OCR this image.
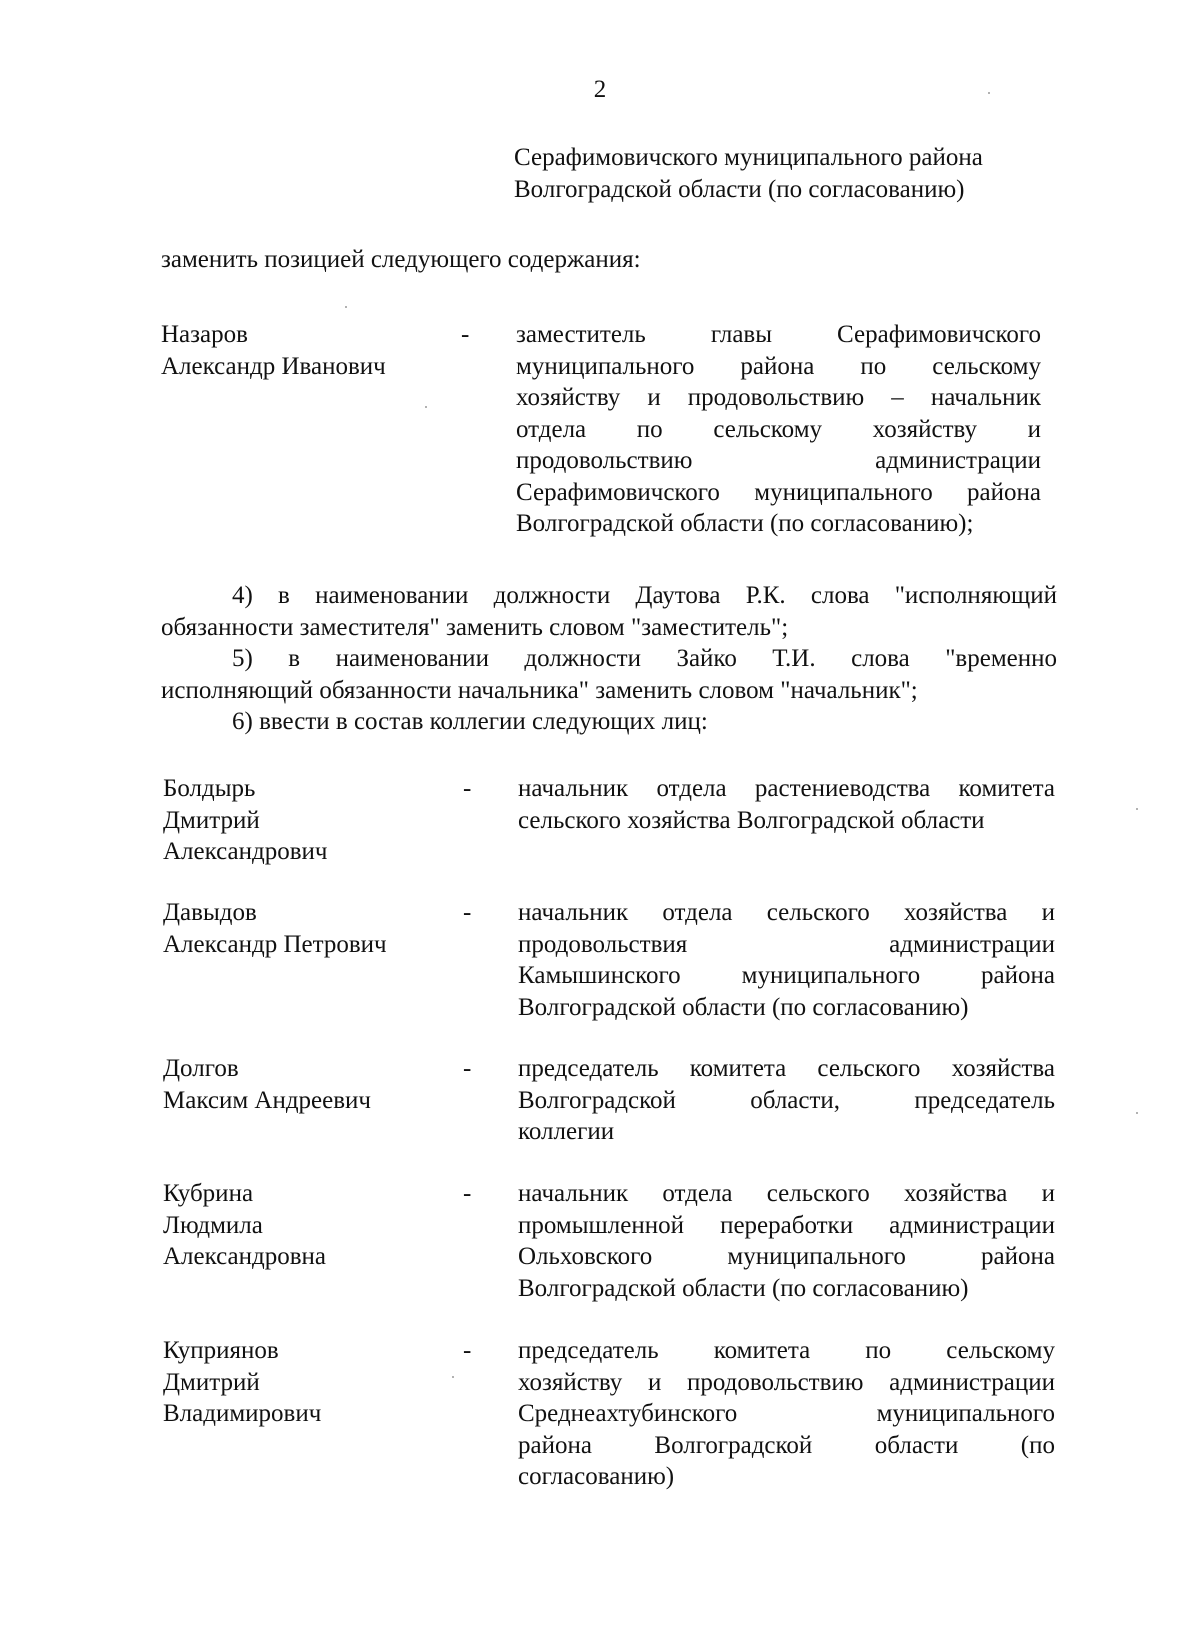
2
Серафимовичского муниципального района
Волгоградской области (по согласованию)
заменить позицией следующего содержания:
Назаров
Александр Иванович
- заместитель главы Серафимовичского
муниципального района по сельскому
хозяйству и продовольствию – начальник
отдела по сельскому хозяйству и
продовольствию администрации
Серафимовичского муниципального района
Волгоградской области (по согласованию);
4) в наименовании должности Даутова Р.К. слова "исполняющий
обязанности заместителя" заменить словом "заместитель";
5) в наименовании должности Зайко Т.И. слова "временно
исполняющий обязанности начальника" заменить словом "начальник";
6) ввести в состав коллегии следующих лиц:
Болдырь
Дмитрий
Александрович
- начальник отдела растениеводства комитета
сельского хозяйства Волгоградской области
Давыдов
Александр Петрович
- начальник отдела сельского хозяйства и
продовольствия администрации
Камышинского муниципального района
Волгоградской области (по согласованию)
Долгов
Максим Андреевич
- председатель комитета сельского хозяйства
Волгоградской области, председатель
коллегии
Кубрина
Людмила
Александровна
- начальник отдела сельского хозяйства и
промышленной переработки администрации
Ольховского муниципального района
Волгоградской области (по согласованию)
Куприянов
Дмитрий
Владимирович
- председатель комитета по сельскому
хозяйству и продовольствию администрации
Среднеахтубинского муниципального
района Волгоградской области (по
согласованию)
